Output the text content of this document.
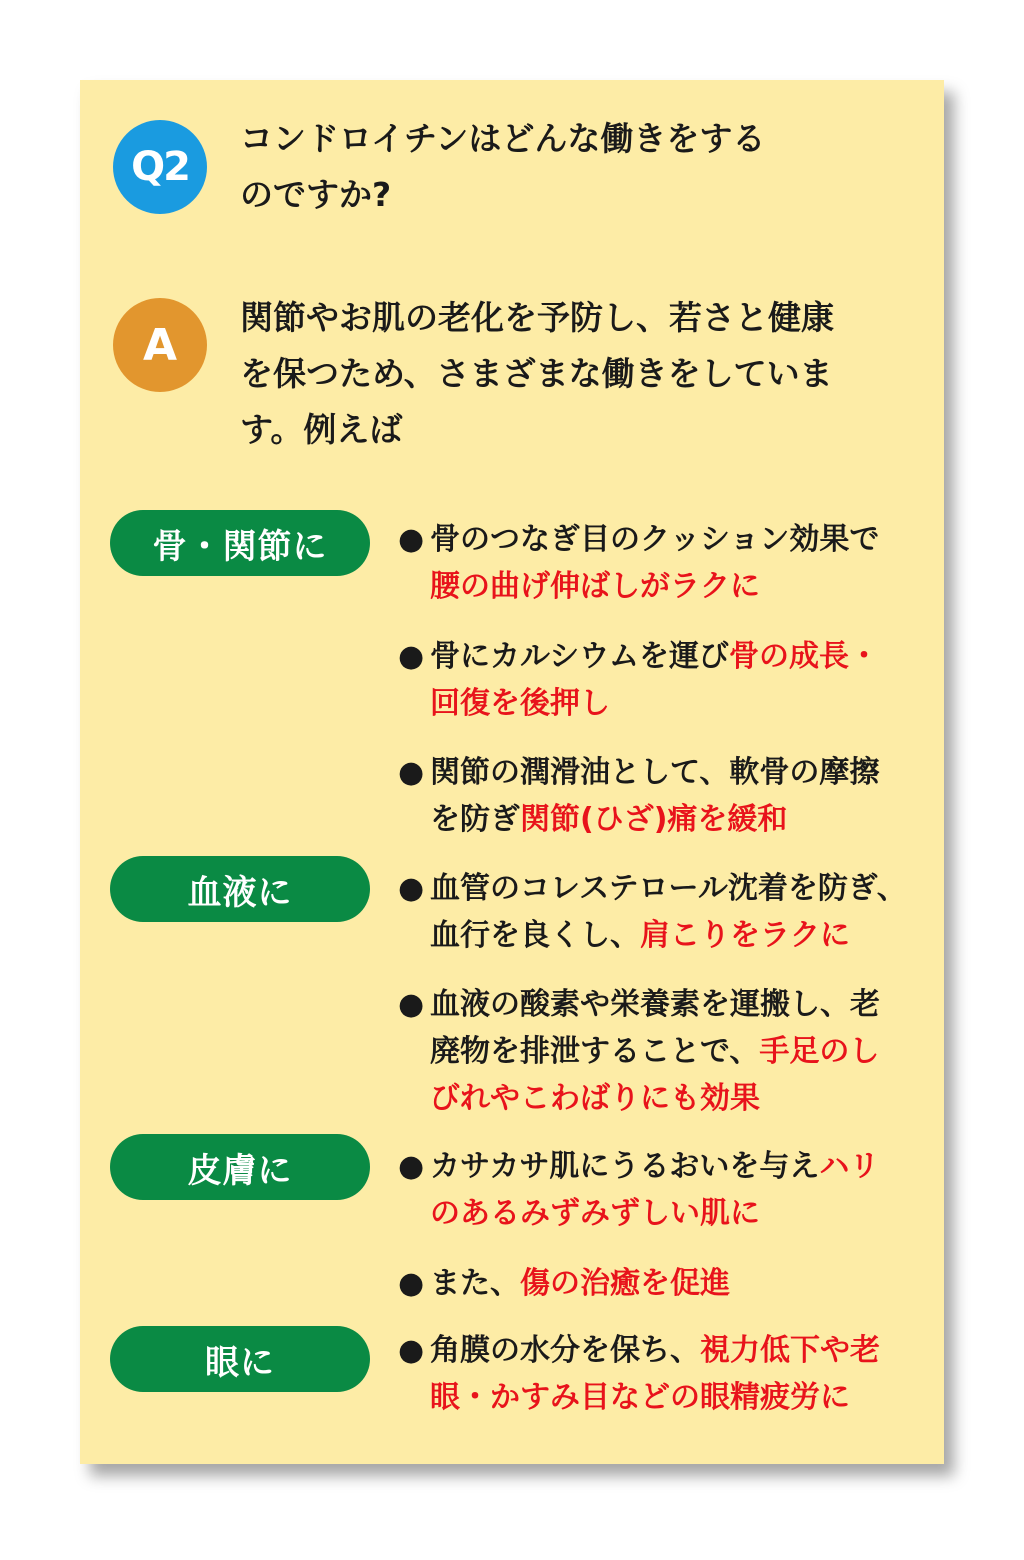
Q2
コンドロイチンはどんな働きをする
のですか?
A
関節やお肌の老化を予防し、若さと健康
を保つため、さまざまな働きをしていま
す。例えば
骨・関節に
血液に
皮膚に
眼に
● 骨のつなぎ目のクッション効果で
腰の曲げ伸ばしがラクに
● 骨にカルシウムを運び骨の成長・
回復を後押し
● 関節の潤滑油として、軟骨の摩擦
を防ぎ関節(ひざ)痛を緩和
● 血管のコレステロール沈着を防ぎ、
血行を良くし、肩こりをラクに
● 血液の酸素や栄養素を運搬し、老
廃物を排泄することで、手足のし
びれやこわばりにも効果
● カサカサ肌にうるおいを与えハリ
のあるみずみずしい肌に
● また、傷の治癒を促進
● 角膜の水分を保ち、視力低下や老
眼・かすみ目などの眼精疲労に
